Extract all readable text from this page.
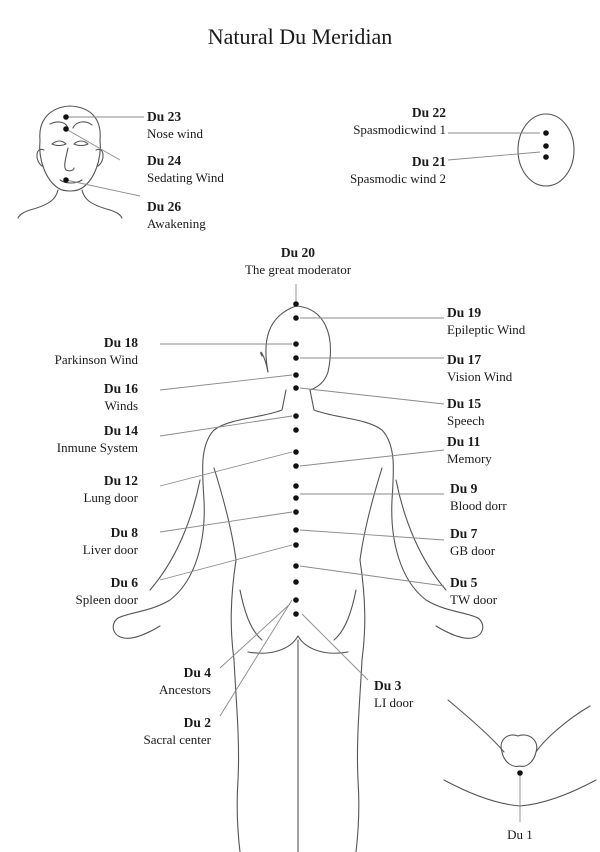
Natural Du Meridian
Du 23
Nose wind
Du 24
Sedating Wind
Du 26
Awakening
Du 22
Spasmodicwind 1
Du 21
Spasmodic wind 2
Du 20
The great moderator
Du 19
Epileptic Wind
Du 18
Parkinson Wind	Du 17
Vision Wind
Du 16
Winds	Du 15
Speech
Du 14
Inmune System	Du 11
Memory
Du 12
Lung door
Du 9
Blood dorr
Du 8
Liver door
Du 7
GB door
Du 6
Spleen door
Du 5
TW door
Du 4
Ancestors	Du 3
LI door
Du 2
Sacral center
Du 1
